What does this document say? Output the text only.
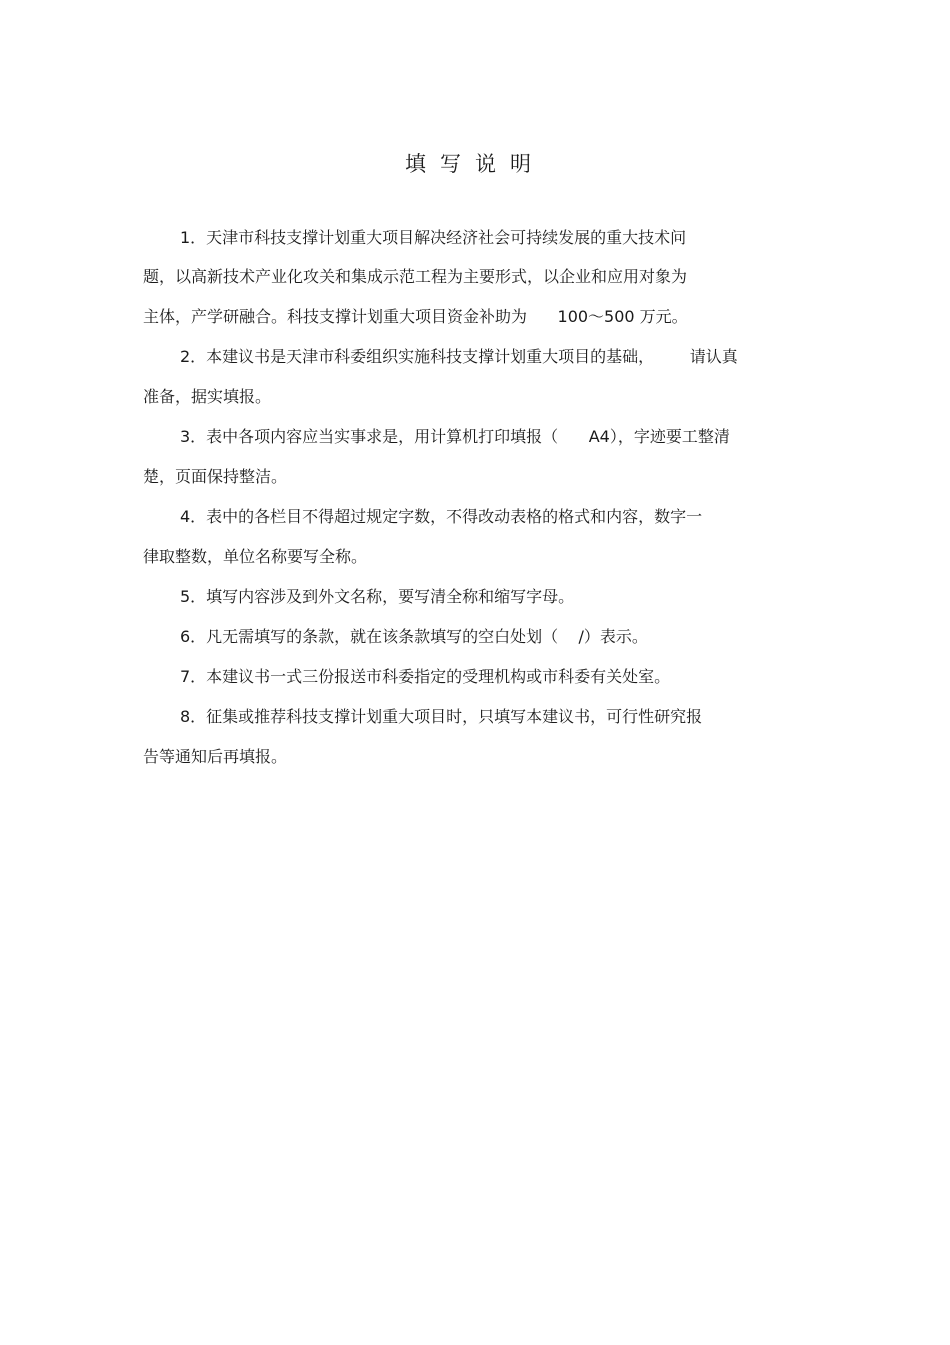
填写说明
1．天津市科技支撑计划重大项目解决经济社会可持续发展的重大技术问
题，以高新技术产业化攻关和集成示范工程为主要形式，以企业和应用对象为
主体，产学研融合。科技支撑计划重大项目资金补助为      100～500 万元。
2．本建议书是天津市科委组织实施科技支撑计划重大项目的基础，       请认真
准备，据实填报。
3．表中各项内容应当实事求是，用计算机打印填报（      A4），字迹要工整清
楚，页面保持整洁。
4．表中的各栏目不得超过规定字数，不得改动表格的格式和内容，数字一
律取整数，单位名称要写全称。
5．填写内容涉及到外文名称，要写清全称和缩写字母。
6．凡无需填写的条款，就在该条款填写的空白处划（    /）表示。
7．本建议书一式三份报送市科委指定的受理机构或市科委有关处室。
8．征集或推荐科技支撑计划重大项目时，只填写本建议书，可行性研究报
告等通知后再填报。
